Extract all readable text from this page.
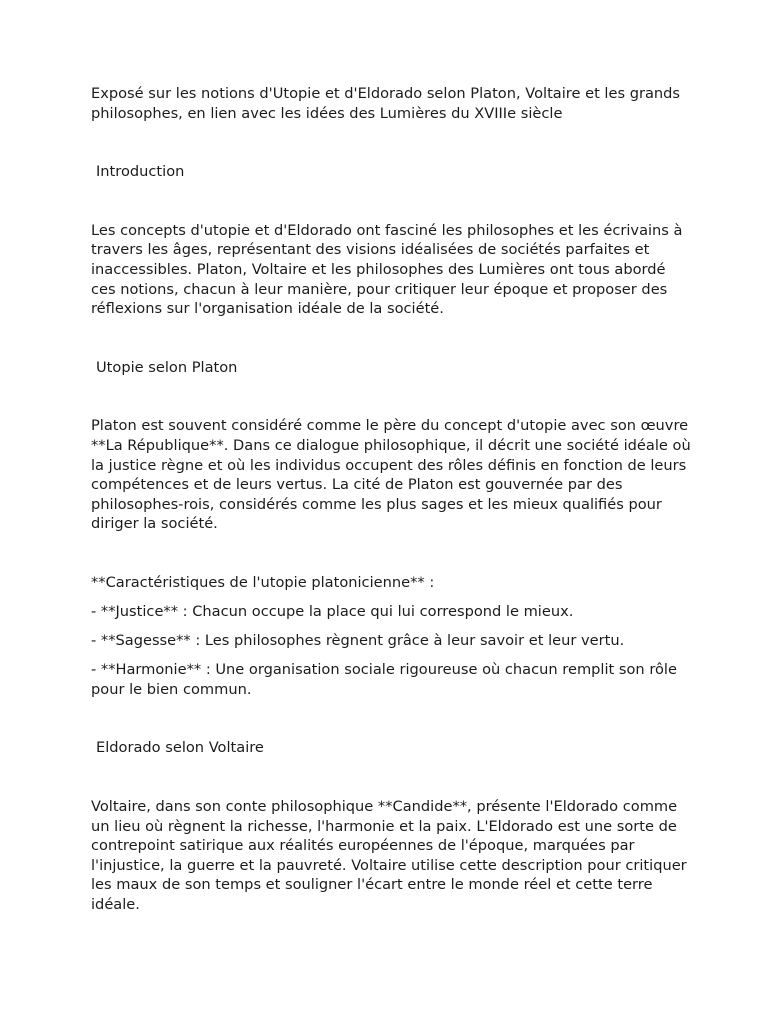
Exposé sur les notions d'Utopie et d'Eldorado selon Platon, Voltaire et les grands philosophes, en lien avec les idées des Lumières du XVIIIe siècle

Introduction

Les concepts d'utopie et d'Eldorado ont fasciné les philosophes et les écrivains à travers les âges, représentant des visions idéalisées de sociétés parfaites et inaccessibles. Platon, Voltaire et les philosophes des Lumières ont tous abordé ces notions, chacun à leur manière, pour critiquer leur époque et proposer des réflexions sur l'organisation idéale de la société.

Utopie selon Platon

Platon est souvent considéré comme le père du concept d'utopie avec son œuvre **La République**. Dans ce dialogue philosophique, il décrit une société idéale où la justice règne et où les individus occupent des rôles définis en fonction de leurs compétences et de leurs vertus. La cité de Platon est gouvernée par des philosophes-rois, considérés comme les plus sages et les mieux qualifiés pour diriger la société.

**Caractéristiques de l'utopie platonicienne** :

- **Justice** : Chacun occupe la place qui lui correspond le mieux.

- **Sagesse** : Les philosophes règnent grâce à leur savoir et leur vertu.

- **Harmonie** : Une organisation sociale rigoureuse où chacun remplit son rôle pour le bien commun.

Eldorado selon Voltaire

Voltaire, dans son conte philosophique **Candide**, présente l'Eldorado comme un lieu où règnent la richesse, l'harmonie et la paix. L'Eldorado est une sorte de contrepoint satirique aux réalités européennes de l'époque, marquées par l'injustice, la guerre et la pauvreté. Voltaire utilise cette description pour critiquer les maux de son temps et souligner l'écart entre le monde réel et cette terre idéale.
